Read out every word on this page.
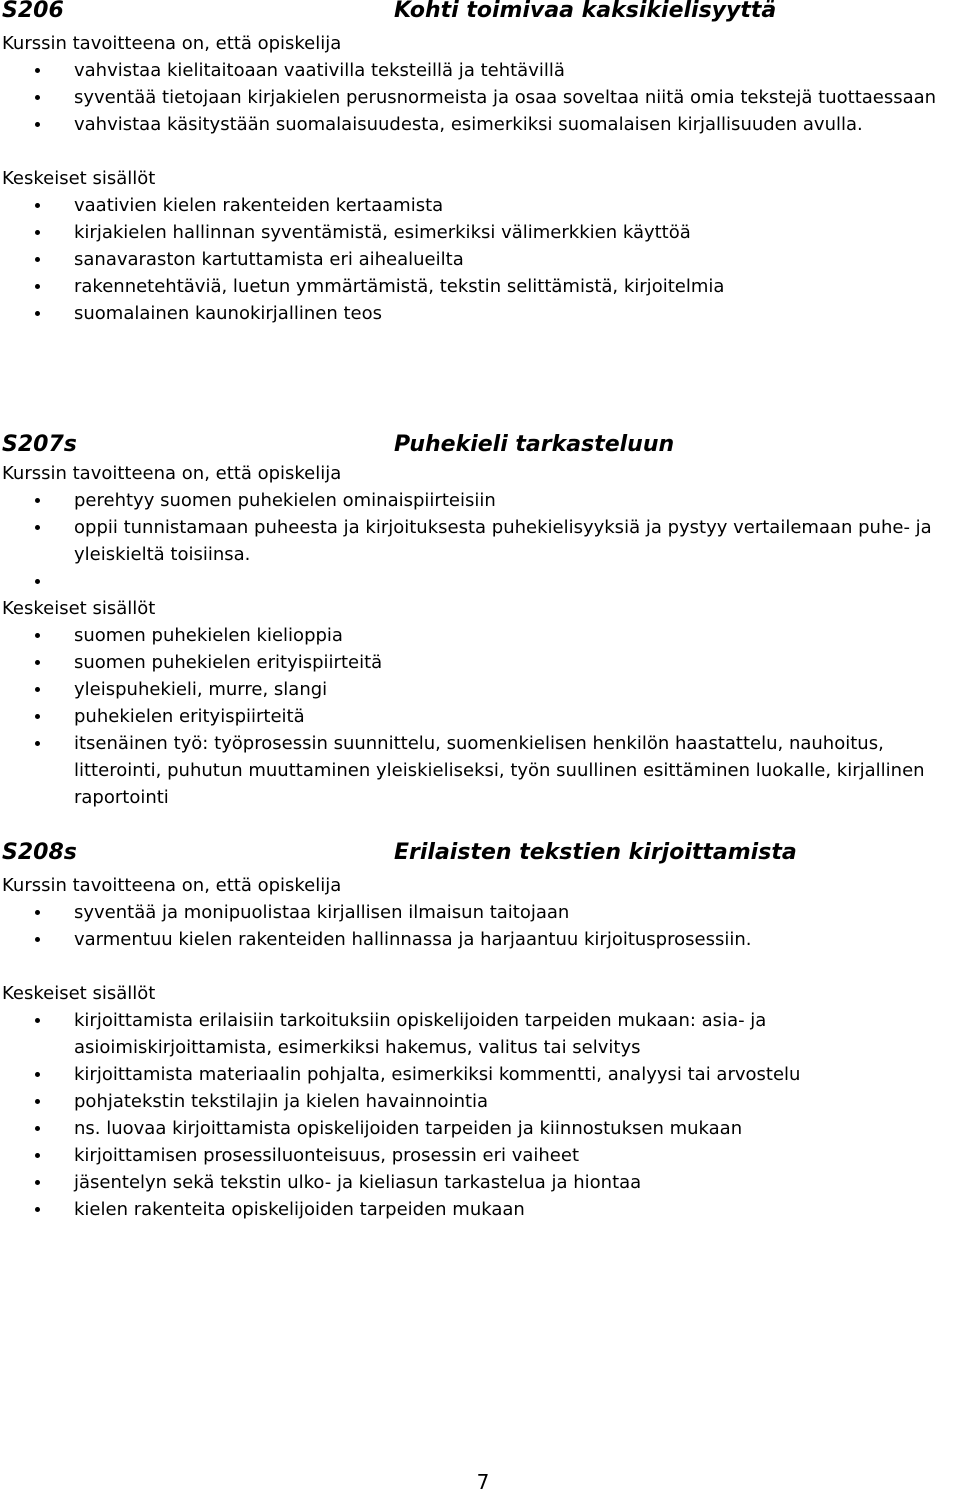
S206	Kohti toimivaa kaksikielisyyttä
Kurssin tavoitteena on, että opiskelija
vahvistaa kielitaitoaan vaativilla teksteillä ja tehtävillä
syventää tietojaan kirjakielen perusnormeista ja osaa soveltaa niitä omia tekstejä tuottaessaan
vahvistaa käsitystään suomalaisuudesta, esimerkiksi suomalaisen kirjallisuuden avulla.
Keskeiset sisällöt
vaativien kielen rakenteiden kertaamista
kirjakielen hallinnan syventämistä, esimerkiksi välimerkkien käyttöä
sanavaraston kartuttamista eri aihealueilta
rakennetehtäviä, luetun ymmärtämistä, tekstin selittämistä, kirjoitelmia
suomalainen kaunokirjallinen teos
S207s	Puhekieli tarkasteluun
Kurssin tavoitteena on, että opiskelija
perehtyy suomen puhekielen ominaispiirteisiin
oppii tunnistamaan puheesta ja kirjoituksesta puhekielisyyksiä ja pystyy vertailemaan puhe- ja yleiskieltä toisiinsa.
Keskeiset sisällöt
suomen puhekielen kielioppia
suomen puhekielen erityispiirteitä
yleispuhekieli, murre, slangi
puhekielen erityispiirteitä
itsenäinen työ: työprosessin suunnittelu, suomenkielisen henkilön haastattelu, nauhoitus, litterointi, puhutun muuttaminen yleiskieliseksi, työn suullinen esittäminen luokalle, kirjallinen raportointi
S208s	Erilaisten tekstien kirjoittamista
Kurssin tavoitteena on, että opiskelija
syventää ja monipuolistaa kirjallisen ilmaisun taitojaan
varmentuu kielen rakenteiden hallinnassa ja harjaantuu kirjoitusprosessiin.
Keskeiset sisällöt
kirjoittamista erilaisiin tarkoituksiin opiskelijoiden tarpeiden mukaan: asia- ja asioimiskirjoittamista, esimerkiksi hakemus, valitus tai selvitys
kirjoittamista materiaalin pohjalta, esimerkiksi kommentti, analyysi tai arvostelu
pohjatekstin tekstilajin ja kielen havainnointia
ns. luovaa kirjoittamista opiskelijoiden tarpeiden ja kiinnostuksen mukaan
kirjoittamisen prosessiluonteisuus, prosessin eri vaiheet
jäsentelyn sekä tekstin ulko- ja kieliasun tarkastelua ja hiontaa
kielen rakenteita opiskelijoiden tarpeiden mukaan
7
